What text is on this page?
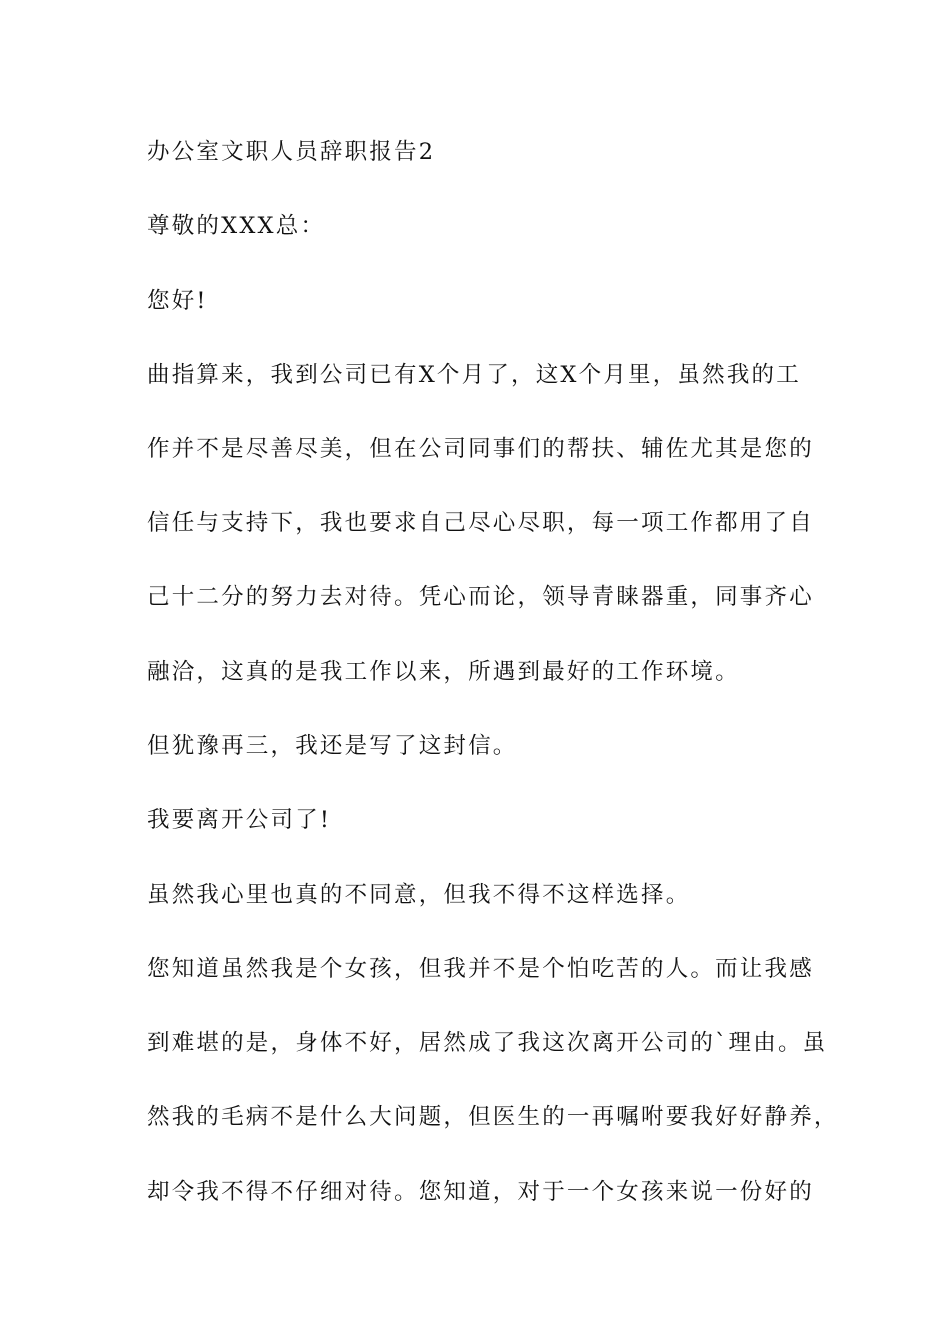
办公室文职人员辞职报告2

尊敬的XXX总：

您好!

曲指算来，我到公司已有X个月了，这X个月里，虽然我的工

作并不是尽善尽美，但在公司同事们的帮扶、辅佐尤其是您的

信任与支持下，我也要求自己尽心尽职，每一项工作都用了自

己十二分的努力去对待。凭心而论，领导青睐器重，同事齐心

融洽，这真的是我工作以来，所遇到最好的工作环境。

但犹豫再三，我还是写了这封信。

我要离开公司了!

虽然我心里也真的不同意，但我不得不这样选择。

您知道虽然我是个女孩，但我并不是个怕吃苦的人。而让我感

到难堪的是，身体不好，居然成了我这次离开公司的`理由。虽

然我的毛病不是什么大问题，但医生的一再嘱咐要我好好静养，

却令我不得不仔细对待。您知道，对于一个女孩来说一份好的
